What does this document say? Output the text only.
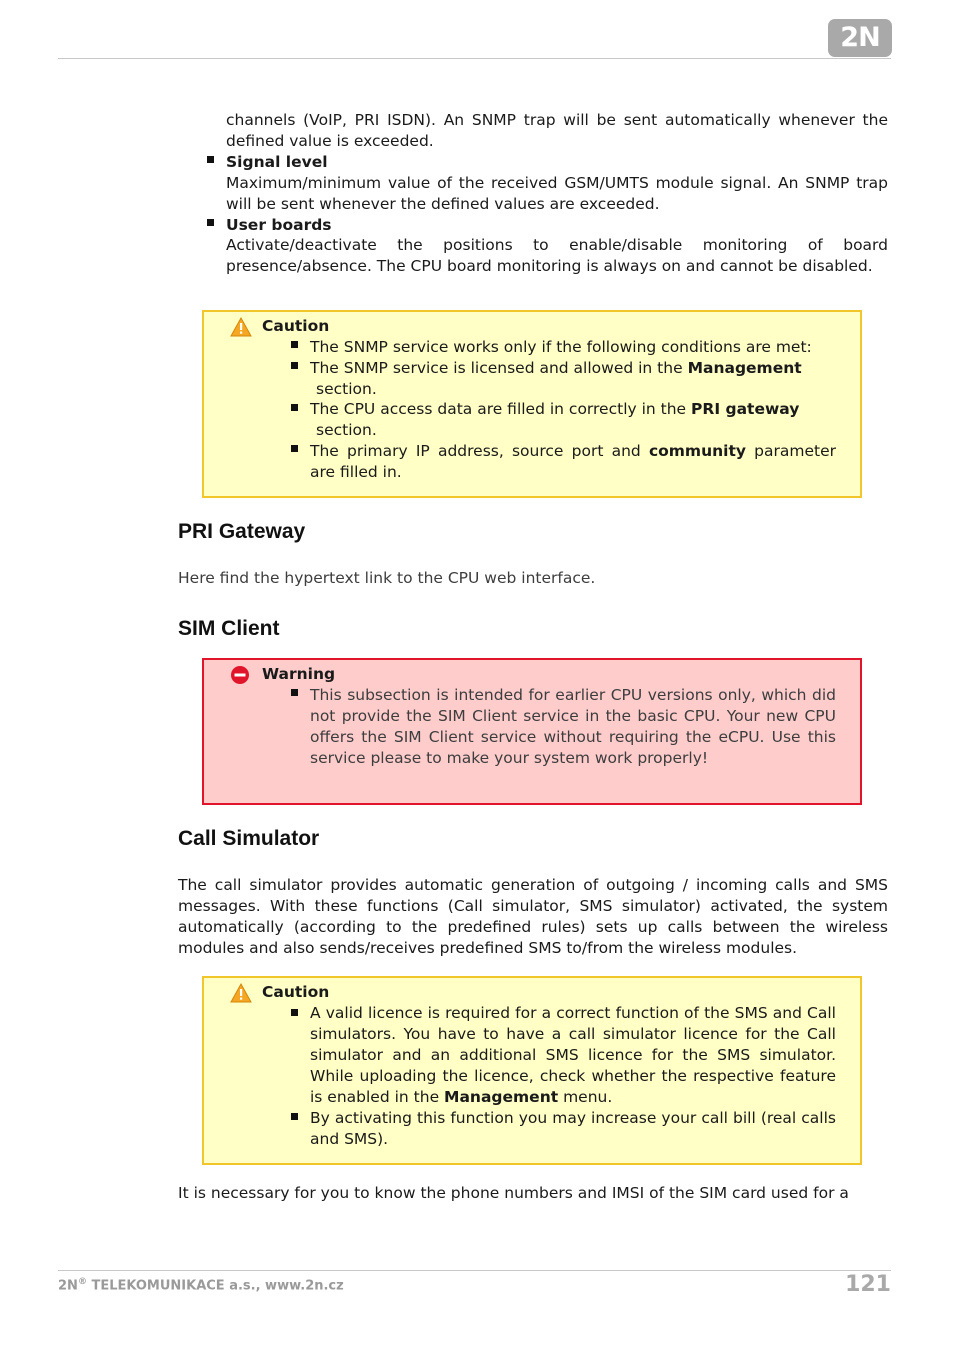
2N
channels (VoIP, PRI ISDN). An SNMP trap will be sent automatically whenever the defined value is exceeded.
Signal level
Maximum/minimum value of the received GSM/UMTS module signal. An SNMP trap will be sent whenever the defined values are exceeded.
User boards
Activate/deactivate the positions to enable/disable monitoring of board presence/absence. The CPU board monitoring is always on and cannot be disabled.
Caution
The SNMP service works only if the following conditions are met:
The SNMP service is licensed and allowed in the Management
section.
The CPU access data are filled in correctly in the PRI gateway
section.
The primary IP address, source port and community parameter are filled in.
PRI Gateway
Here find the hypertext link to the CPU web interface.
SIM Client
Warning
This subsection is intended for earlier CPU versions only, which did not provide the SIM Client service in the basic CPU. Your new CPU offers the SIM Client service without requiring the eCPU. Use this service please to make your system work properly!
Call Simulator
The call simulator provides automatic generation of outgoing / incoming calls and SMS messages. With these functions (Call simulator, SMS simulator) activated, the system automatically (according to the predefined rules) sets up calls between the wireless modules and also sends/receives predefined SMS to/from the wireless modules.
Caution
A valid licence is required for a correct function of the SMS and Call simulators. You have to have a call simulator licence for the Call simulator and an additional SMS licence for the SMS simulator. While uploading the licence, check whether the respective feature is enabled in the Management menu.
By activating this function you may increase your call bill (real calls and SMS).
It is necessary for you to know the phone numbers and IMSI of the SIM card used for a
2N® TELEKOMUNIKACE a.s., www.2n.cz	121
